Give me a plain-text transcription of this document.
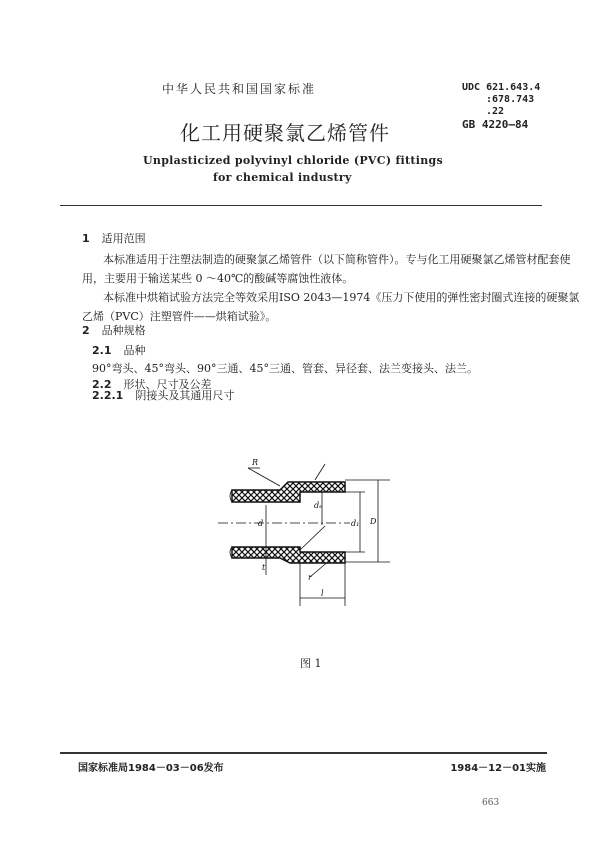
中华人民共和国国家标准	UDC 621.643.4
:678.743
.22
GB 4220—84
化工用硬聚氯乙烯管件
Unplasticized polyvinyl chloride (PVC) fittings
for chemical industry
1 适用范围
本标准适用于注塑法制造的硬聚氯乙烯管件（以下简称管件）。专与化工用硬聚氯乙烯管材配套使
用，主要用于输送某些 0 ～40℃的酸碱等腐蚀性液体。
本标准中烘箱试验方法完全等效采用ISO 2043—1974《压力下使用的弹性密封圈式连接的硬聚氯
乙烯（PVC）注塑管件——烘箱试验》。
2 品种规格
2.1 品种
90°弯头、45°弯头、90°三通、45°三通、管套、异径套、法兰变接头、法兰。
2.2 形状、尺寸及公差
2.2.1 阴接头及其通用尺寸
R
d
dₛ
d₁ D
r
t
l
图 1
国家标准局1984－03－06发布	1984－12－01实施
663
